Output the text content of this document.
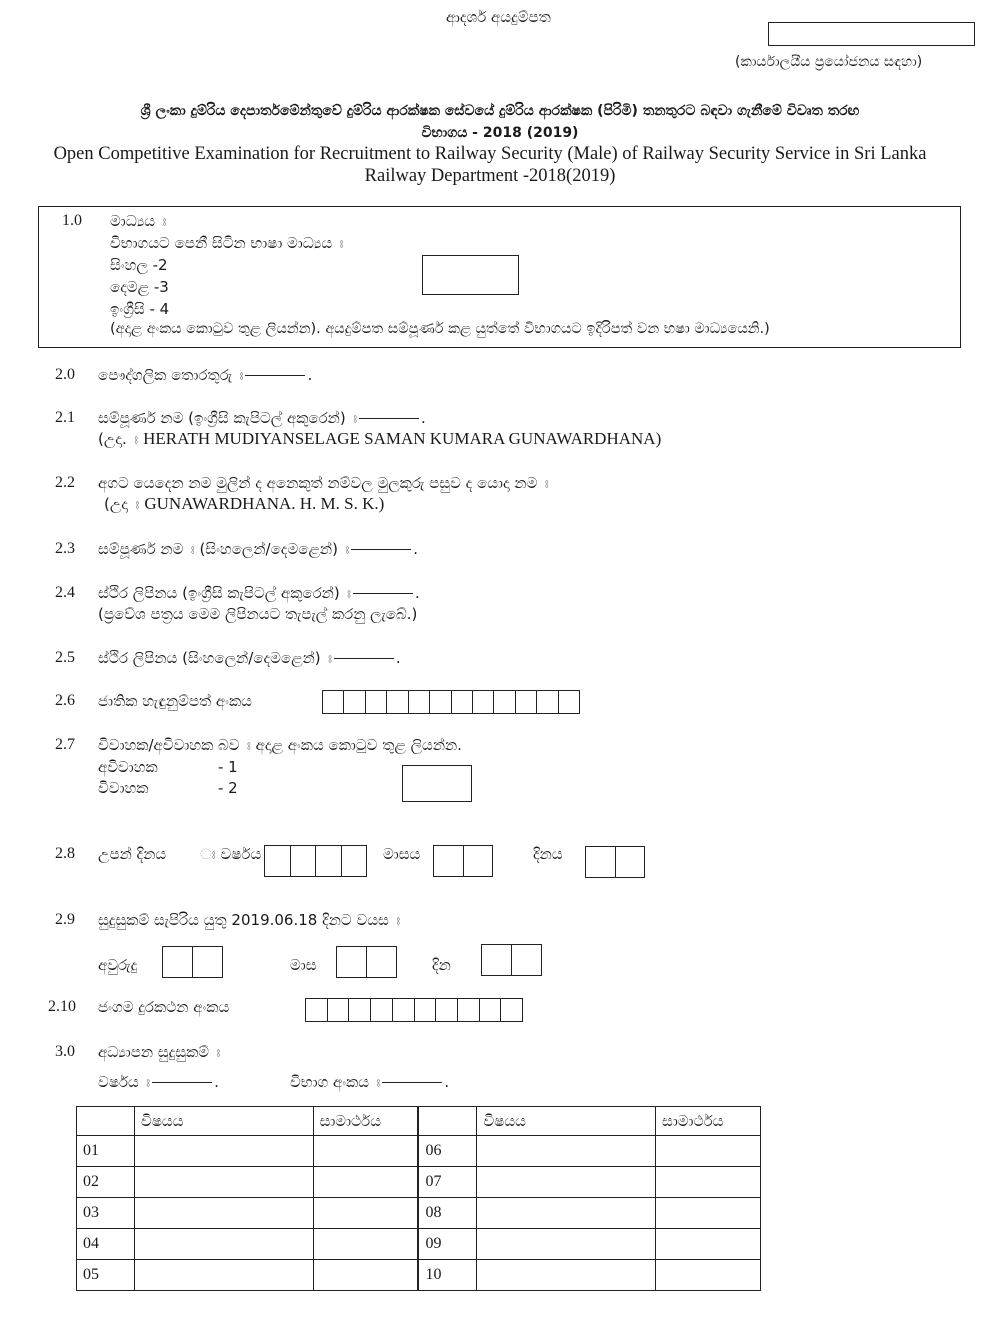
ආදර්ශ අයදුම්පත
(කාර්යාලයීය ප්‍රයෝජනය සඳහා)
ශ්‍රී ලංකා දුම්රිය දෙපාර්තමේන්තුවේ දුම්රිය ආරක්ෂක සේවයේ දුම්රිය ආරක්ෂක (පිරිමි) තනතුරට බඳවා ගැනීමේ විවෘත තරඟ
විභාගය - 2018 (2019)
Open Competitive Examination for Recruitment to Railway Security (Male) of Railway Security Service in Sri Lanka
Railway Department -2018(2019)
1.0 මාධ්‍යය ඃ
විභාගයට පෙනී සිටින භාෂා මාධ්‍යය ඃ
සිංහල -2
දෙමළ -3
ඉංග්‍රීසි - 4
(අදාළ අංකය කොටුව තුළ ලියන්න). අයදුම්පත සම්පූර්ණ කළ යුත්තේ විභාගයට ඉදිරිපත් වන භෂා මාධ්‍යයෙනි.)
2.0 පෞද්ගලික තොරතුරු ඃ	.
2.1 සම්පූර්ණ නම (ඉංග්‍රීසි කැපිටල් අකුරෙන්) ඃ	.
(උදා. ඃ HERATH MUDIYANSELAGE SAMAN KUMARA GUNAWARDHANA)
2.2 අගට යෙදෙන නම මුලින් ද අනෙකුත් නම්වල මුලකුරු පසුව ද යොදා නම ඃ
(උදා ඃ GUNAWARDHANA. H. M. S. K.)
2.3 සම්පූර්ණ නම ඃ (සිංහලෙන්/දෙමළෙන්) ඃ	.
2.4 ස්ථිර ලිපිනය (ඉංග්‍රීසි කැපිටල් අකුරෙන්) ඃ	.
(ප්‍රවේශ පත්‍රය මෙම ලිපිනයට තැපැල් කරනු ලැබේ.)
2.5 ස්ථිර ලිපිනය (සිංහලෙන්/දෙමළෙන්) ඃ	.
2.6 ජාතික හැඳුනුම්පත් අංකය
2.7 විවාහක/අවිවාහක බව ඃ අදාළ අංකය කොටුව තුළ ලියන්න.
අවිවාහක	- 1
විවාහක	- 2
2.8 උපන් දිනය ඃ වර්ෂය	මාසය	දිනය
2.9 සුදුසුකම් සැපිරිය යුතු 2019.06.18 දිනට වයස ඃ
අවුරුදු	මාස	දින
2.10 ජංගම දුරකථන අංකය
3.0 අධ්‍යාපන සුදුසුකම් ඃ
වර්ෂය ඃ	.	විභාග අංකය ඃ	.
	විෂයය	සාමාර්ථය		විෂයය	සාමාර්ථය
01			06		
02			07		
03			08		
04			09		
05			10		
